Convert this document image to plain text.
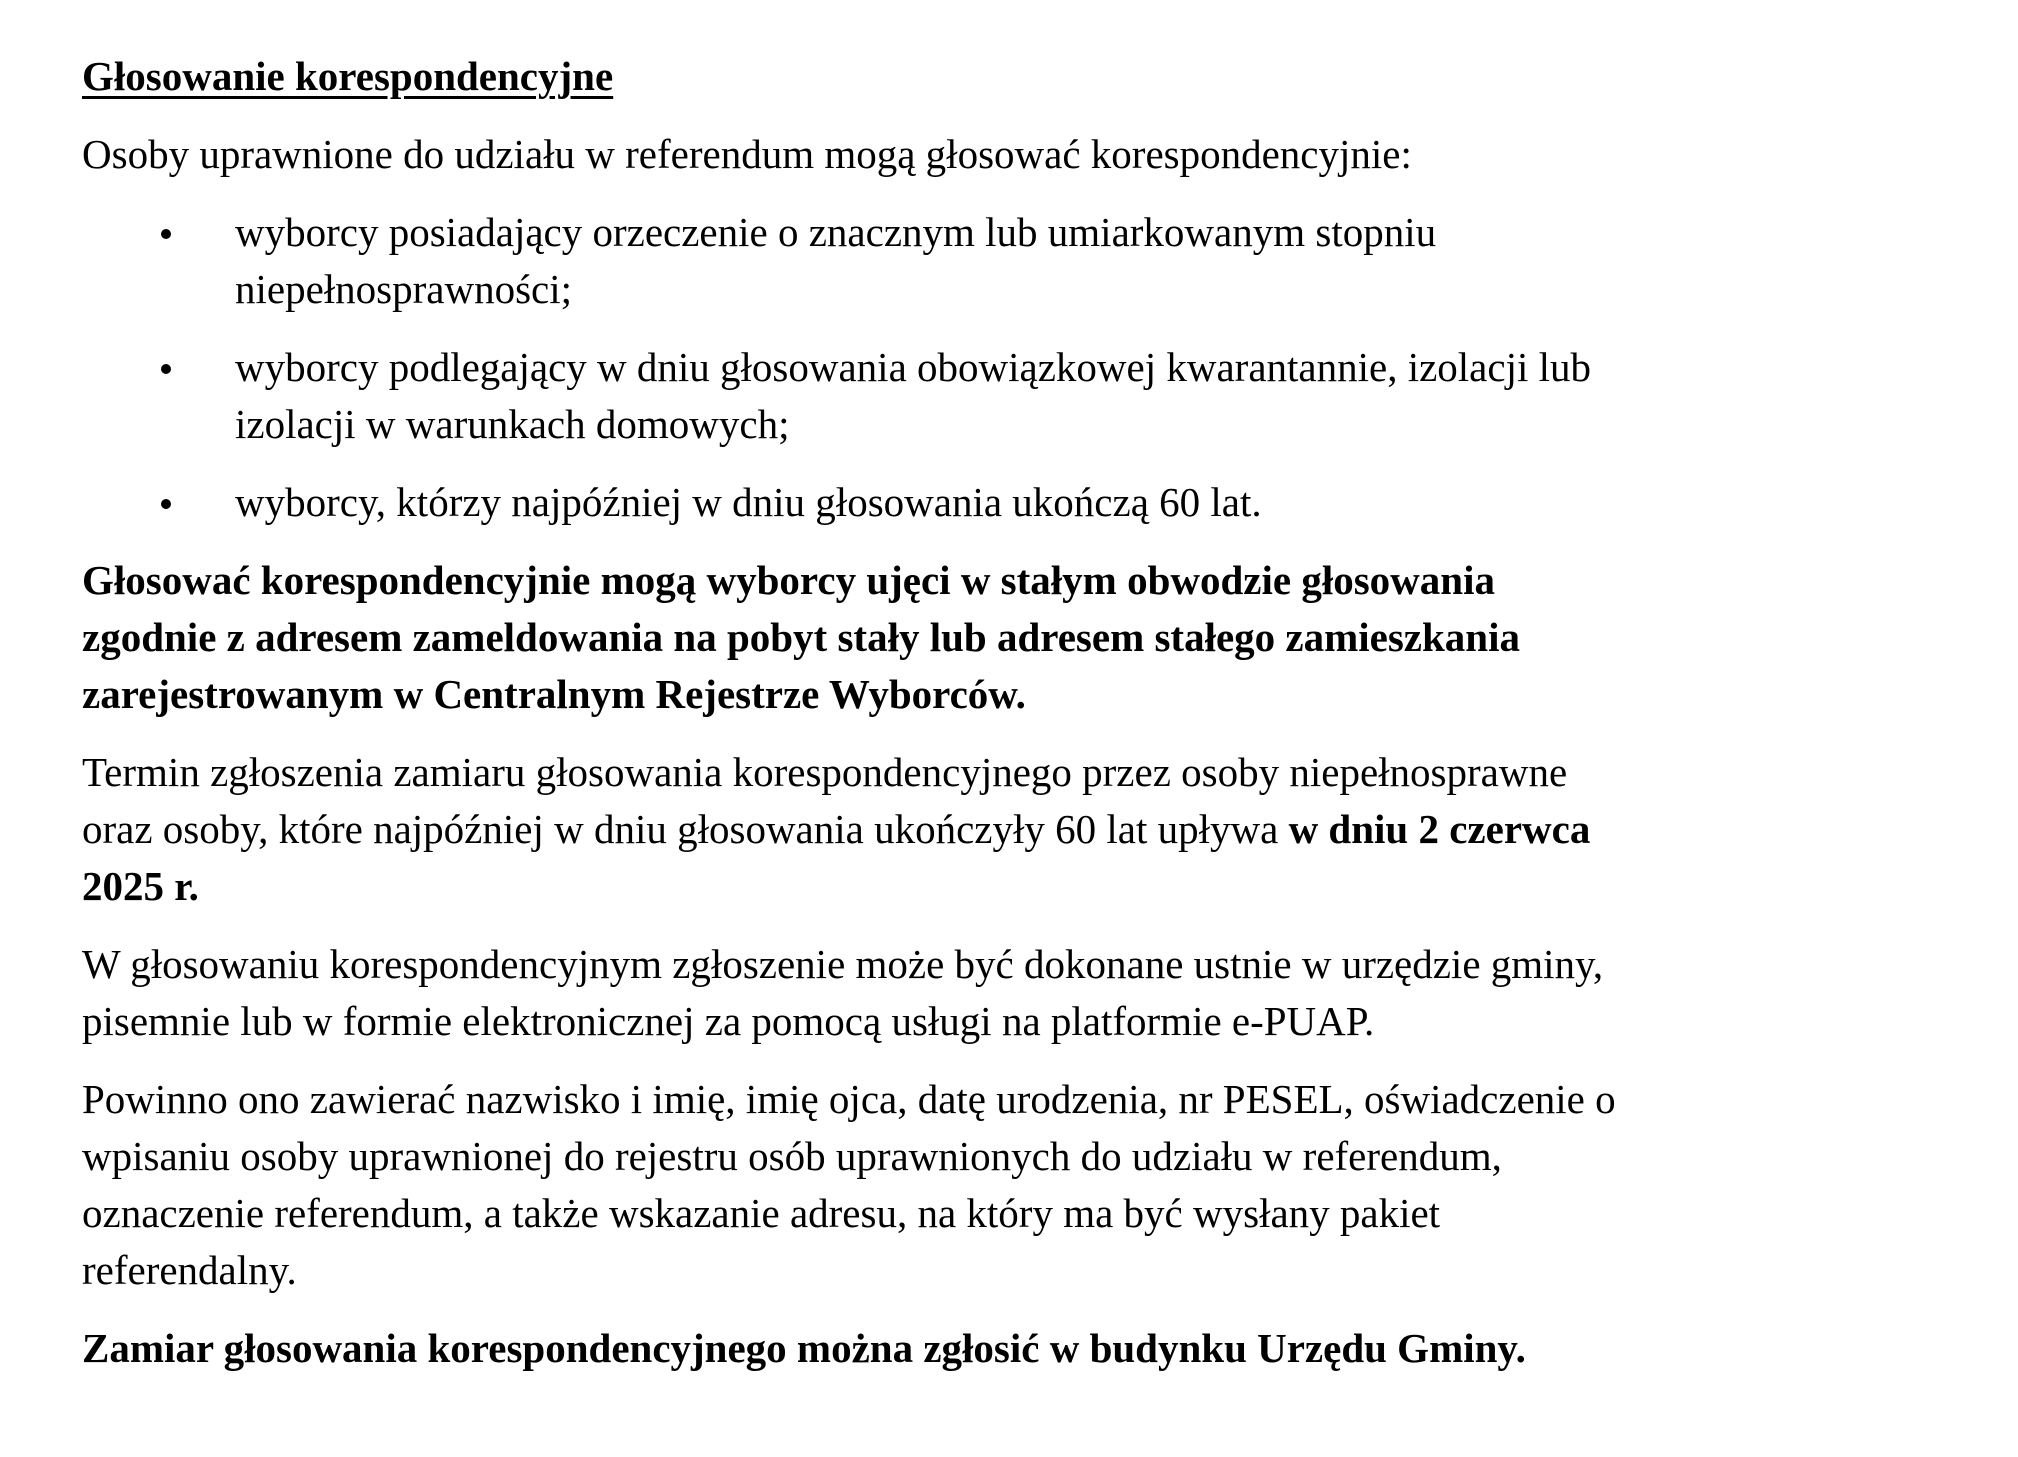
Głosowanie korespondencyjne
Osoby uprawnione do udziału w referendum mogą głosować korespondencyjnie:
wyborcy posiadający orzeczenie o znacznym lub umiarkowanym stopniu
niepełnosprawności;
wyborcy podlegający w dniu głosowania obowiązkowej kwarantannie, izolacji lub
izolacji w warunkach domowych;
wyborcy, którzy najpóźniej w dniu głosowania ukończą 60 lat.
Głosować korespondencyjnie mogą wyborcy ujęci w stałym obwodzie głosowania
zgodnie z adresem zameldowania na pobyt stały lub adresem stałego zamieszkania
zarejestrowanym w Centralnym Rejestrze Wyborców.
Termin zgłoszenia zamiaru głosowania korespondencyjnego przez osoby niepełnosprawne
oraz osoby, które najpóźniej w dniu głosowania ukończyły 60 lat upływa w dniu 2 czerwca
2025 r.
W głosowaniu korespondencyjnym zgłoszenie może być dokonane ustnie w urzędzie gminy,
pisemnie lub w formie elektronicznej za pomocą usługi na platformie e-PUAP.
Powinno ono zawierać nazwisko i imię, imię ojca, datę urodzenia, nr PESEL, oświadczenie o
wpisaniu osoby uprawnionej do rejestru osób uprawnionych do udziału w referendum,
oznaczenie referendum, a także wskazanie adresu, na który ma być wysłany pakiet
referendalny.
Zamiar głosowania korespondencyjnego można zgłosić w budynku Urzędu Gminy.
